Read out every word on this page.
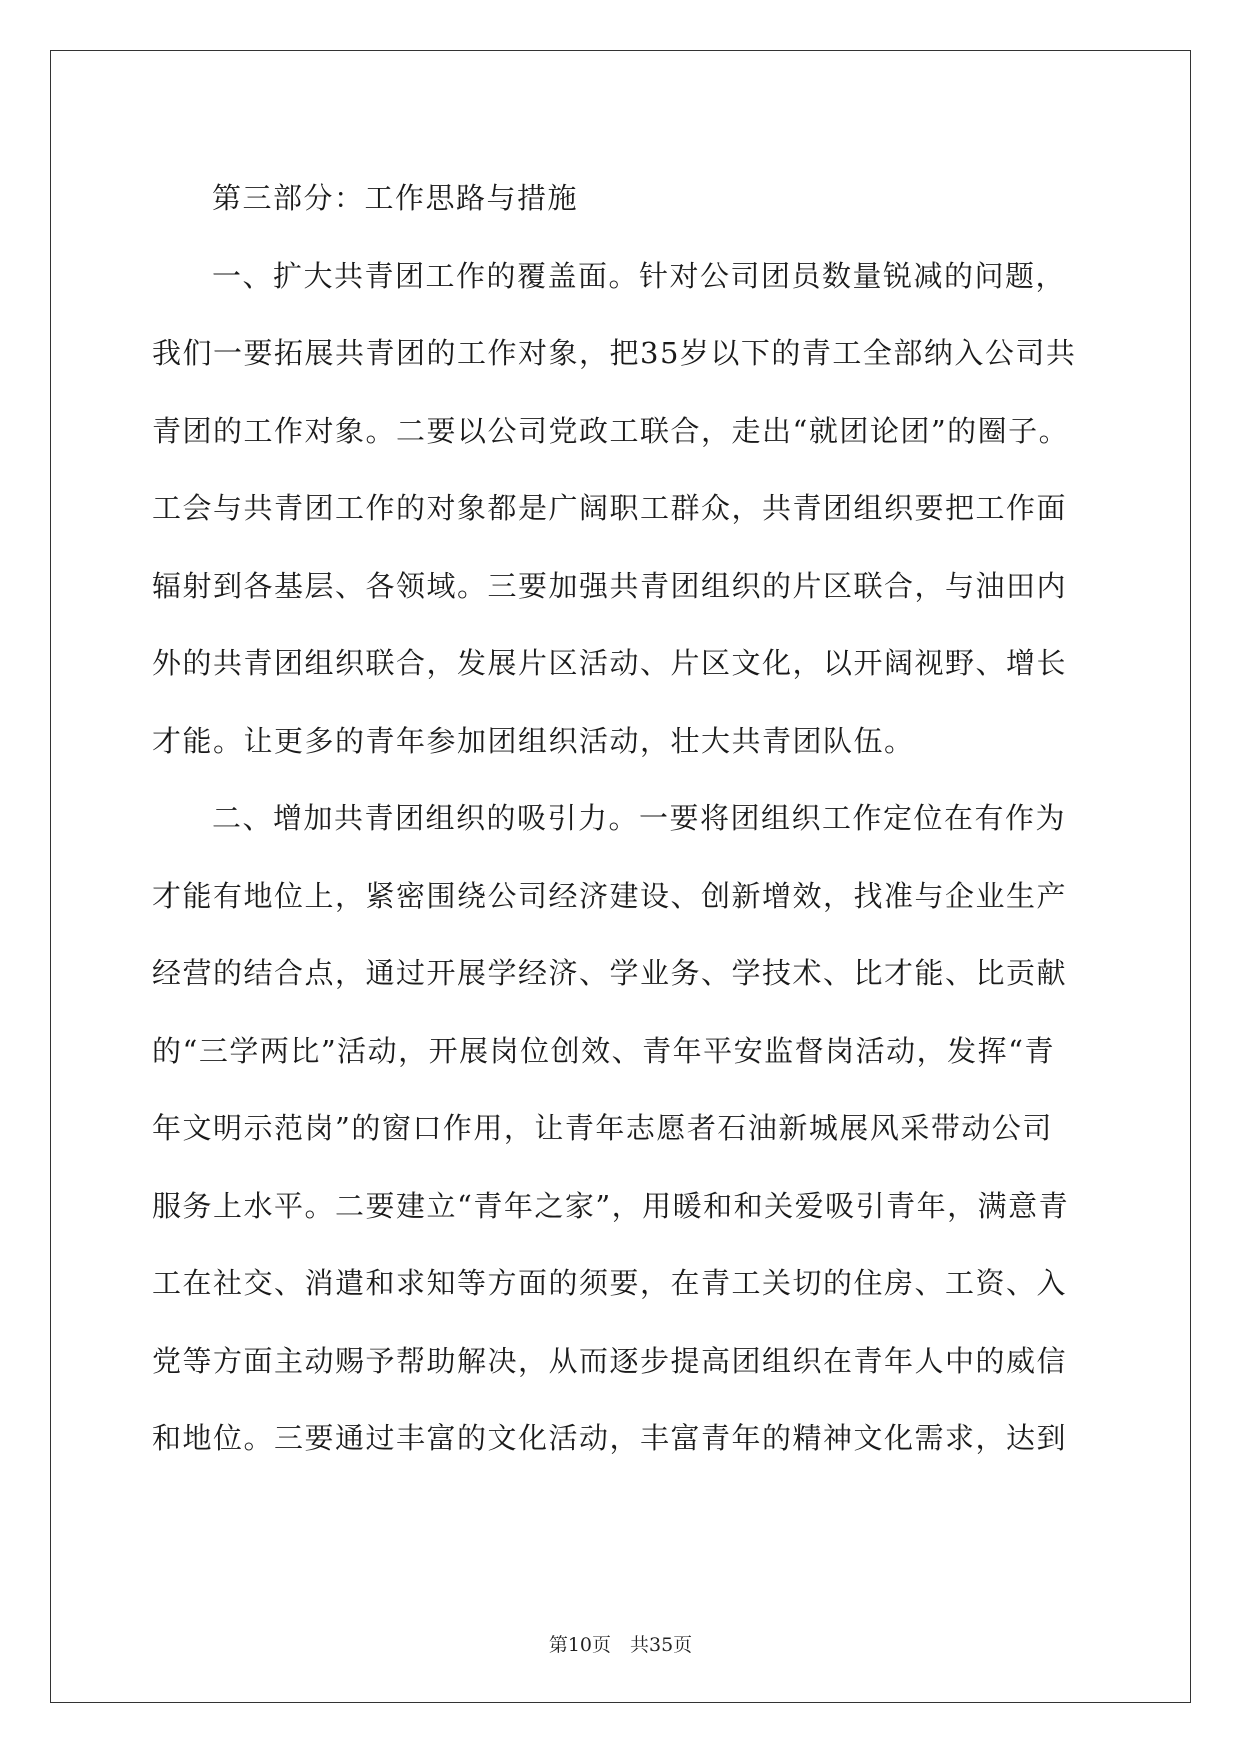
第三部分：工作思路与措施
一、扩大共青团工作的覆盖面。针对公司团员数量锐减的问题，
我们一要拓展共青团的工作对象，把35岁以下的青工全部纳入公司共
青团的工作对象。二要以公司党政工联合，走出“就团论团”的圈子。
工会与共青团工作的对象都是广阔职工群众，共青团组织要把工作面
辐射到各基层、各领域。三要加强共青团组织的片区联合，与油田内
外的共青团组织联合，发展片区活动、片区文化，以开阔视野、增长
才能。让更多的青年参加团组织活动，壮大共青团队伍。
二、增加共青团组织的吸引力。一要将团组织工作定位在有作为
才能有地位上，紧密围绕公司经济建设、创新增效，找准与企业生产
经营的结合点，通过开展学经济、学业务、学技术、比才能、比贡献
的“三学两比”活动，开展岗位创效、青年平安监督岗活动，发挥“青
年文明示范岗”的窗口作用，让青年志愿者石油新城展风采带动公司
服务上水平。二要建立“青年之家”，用暖和和关爱吸引青年，满意青
工在社交、消遣和求知等方面的须要，在青工关切的住房、工资、入
党等方面主动赐予帮助解决，从而逐步提高团组织在青年人中的威信
和地位。三要通过丰富的文化活动，丰富青年的精神文化需求，达到
第10页　共35页
